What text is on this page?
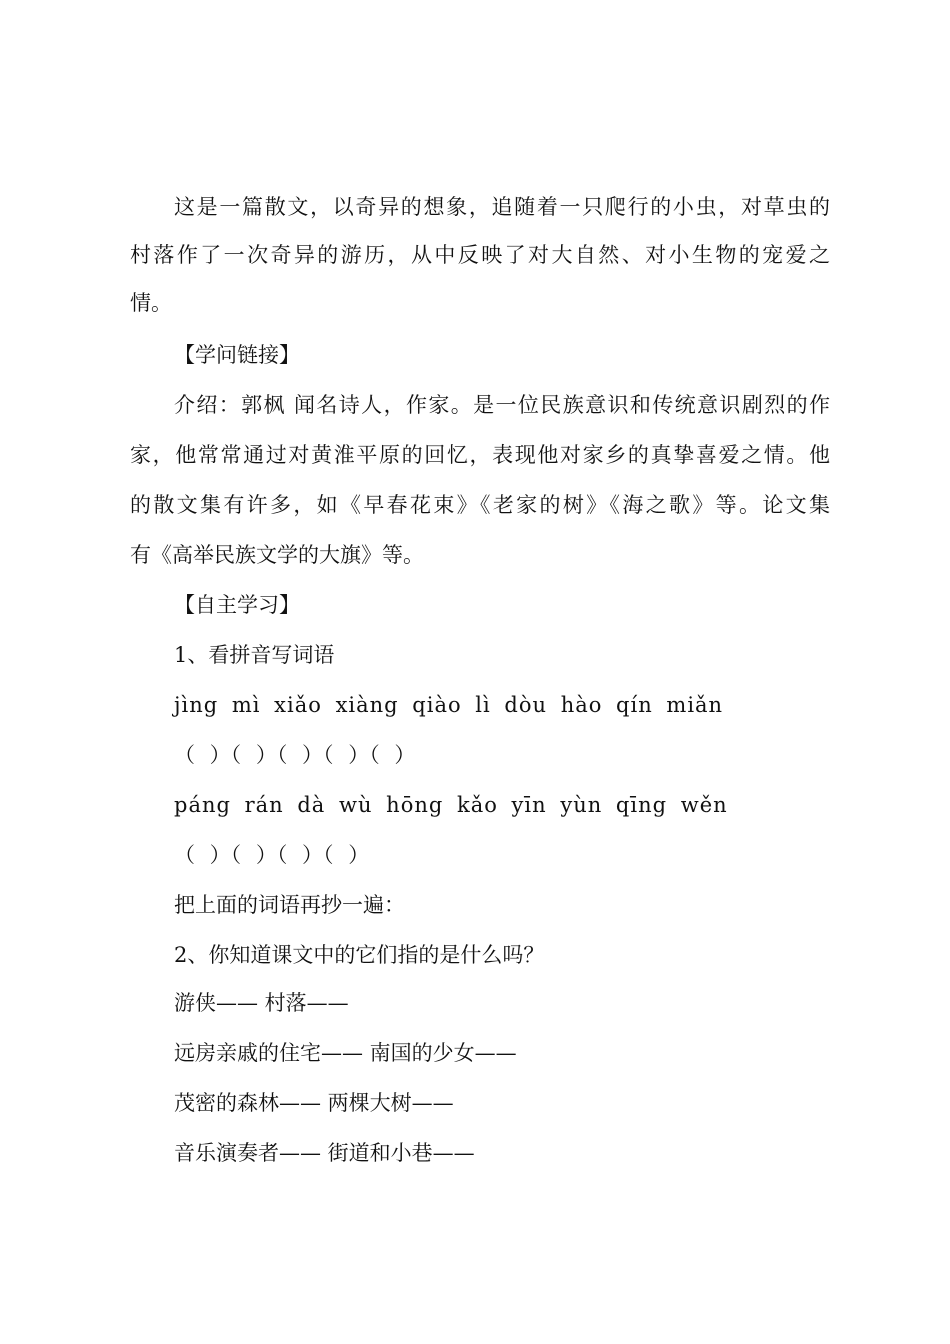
这是一篇散文，以奇异的想象，追随着一只爬行的小虫，对草虫的
村落作了一次奇异的游历，从中反映了对大自然、对小生物的宠爱之
情。
【学问链接】
介绍：郭枫 闻名诗人，作家。是一位民族意识和传统意识剧烈的作
家，他常常通过对黄淮平原的回忆，表现他对家乡的真挚喜爱之情。他
的散文集有许多，如《早春花束》《老家的树》《海之歌》等。论文集
有《高举民族文学的大旗》等。
【自主学习】
1、看拼音写词语
jìng mì xiǎo xiàng qiào lì dòu hào qín miǎn
（ ）（ ）（ ）（ ）（ ）
páng rán dà wù hōng kǎo yīn yùn qīng wěn
（ ）（ ）（ ）（ ）
把上面的词语再抄一遍：
2、你知道课文中的它们指的是什么吗？
游侠—— 村落——
远房亲戚的住宅—— 南国的少女——
茂密的森林—— 两棵大树——
音乐演奏者—— 街道和小巷——
